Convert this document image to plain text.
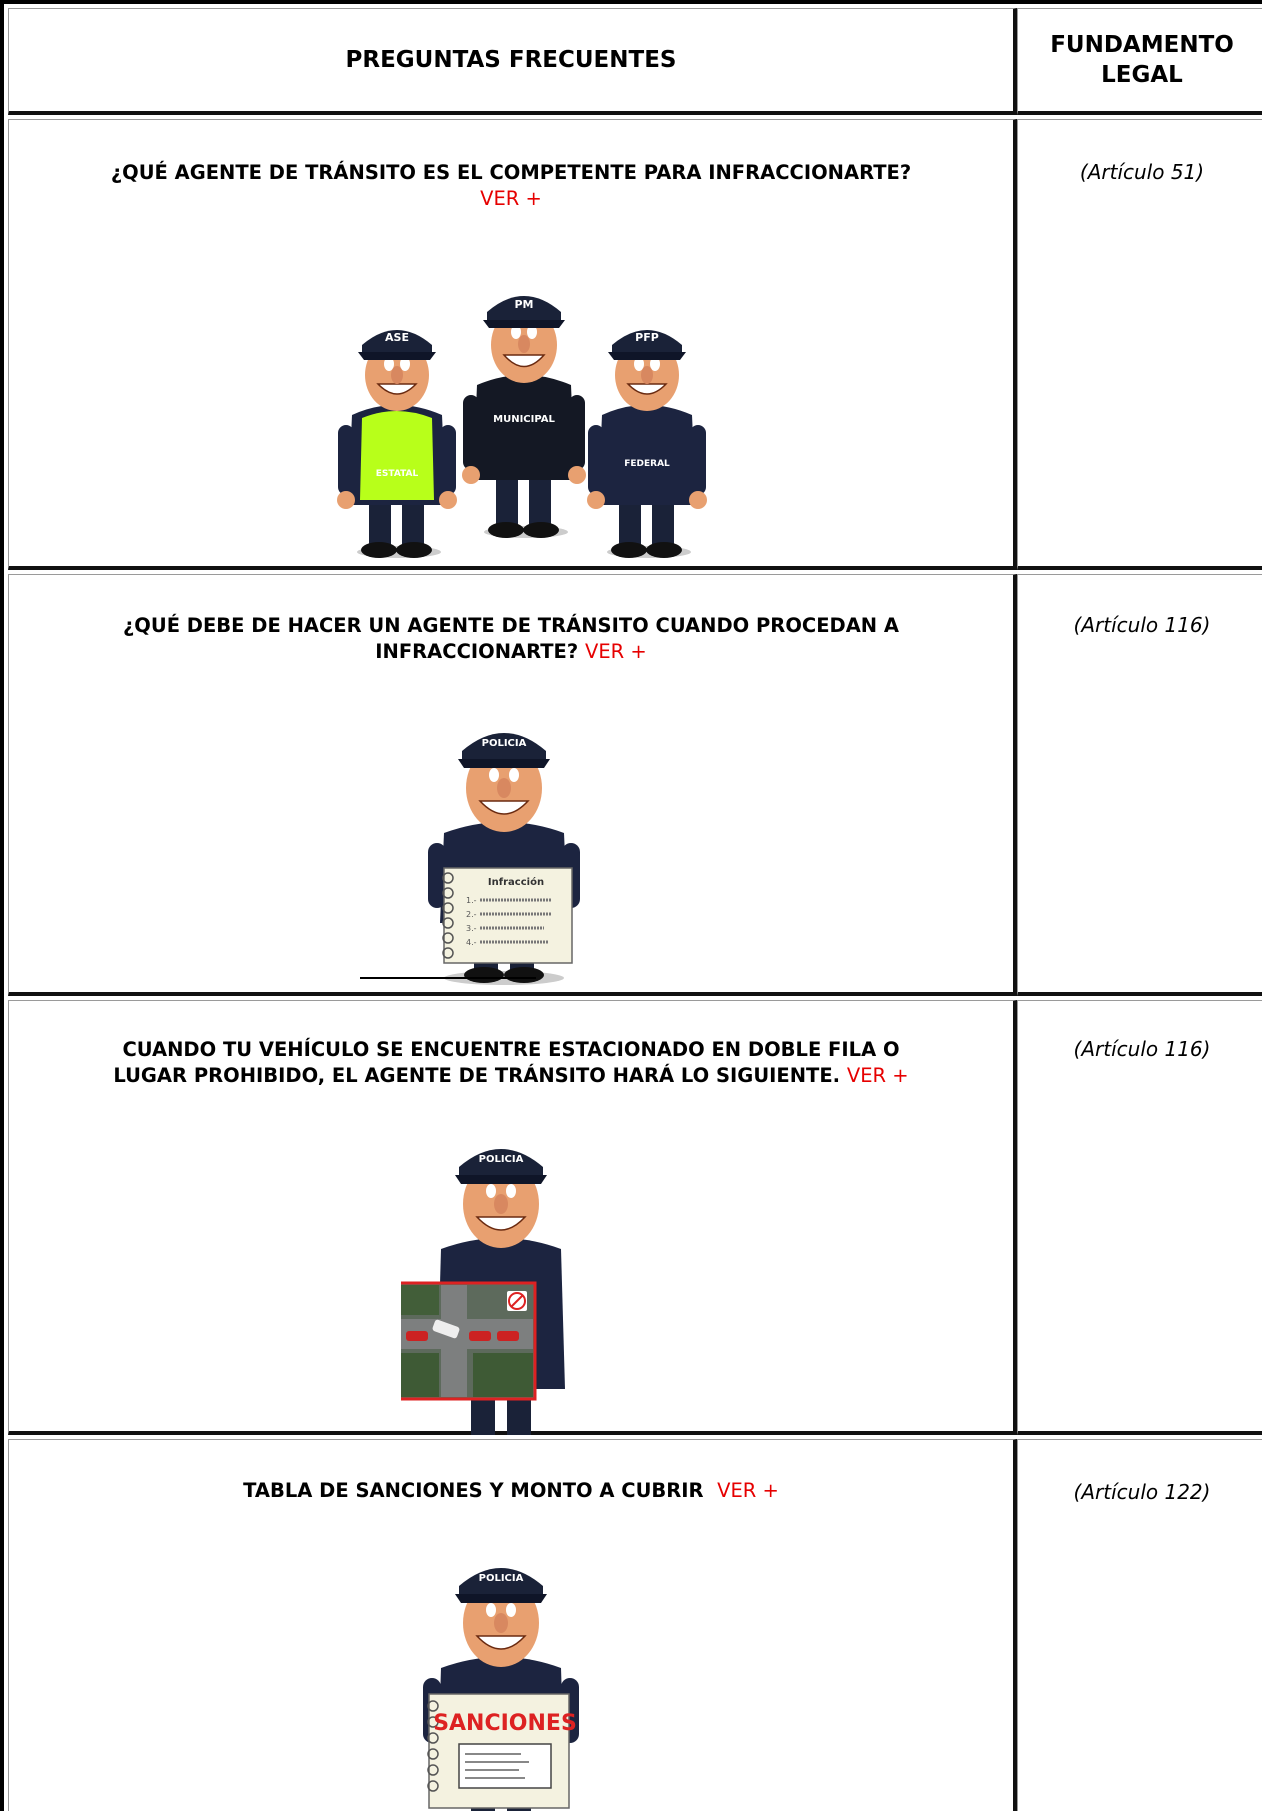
PREGUNTAS FRECUENTES
FUNDAMENTO
LEGAL
¿QUÉ AGENTE DE TRÁNSITO ES EL COMPETENTE PARA INFRACCIONARTE?
VER +
ASE
ESTATAL
PM
MUNICIPAL
PFP
FEDERAL
(Artículo 51)
¿QUÉ DEBE DE HACER UN AGENTE DE TRÁNSITO CUANDO PROCEDAN A
INFRACCIONARTE? VER +
POLICIA
Infracción
1.-
2.-
3.-
4.-
(Artículo 116)
CUANDO TU VEHÍCULO SE ENCUENTRE ESTACIONADO EN DOBLE FILA O
LUGAR PROHIBIDO, EL AGENTE DE TRÁNSITO HARÁ LO SIGUIENTE. VER +
POLICIA
(Artículo 116)
TABLA DE SANCIONES Y MONTO A CUBRIR VER +
POLICIA
SANCIONES
(Artículo 122)
